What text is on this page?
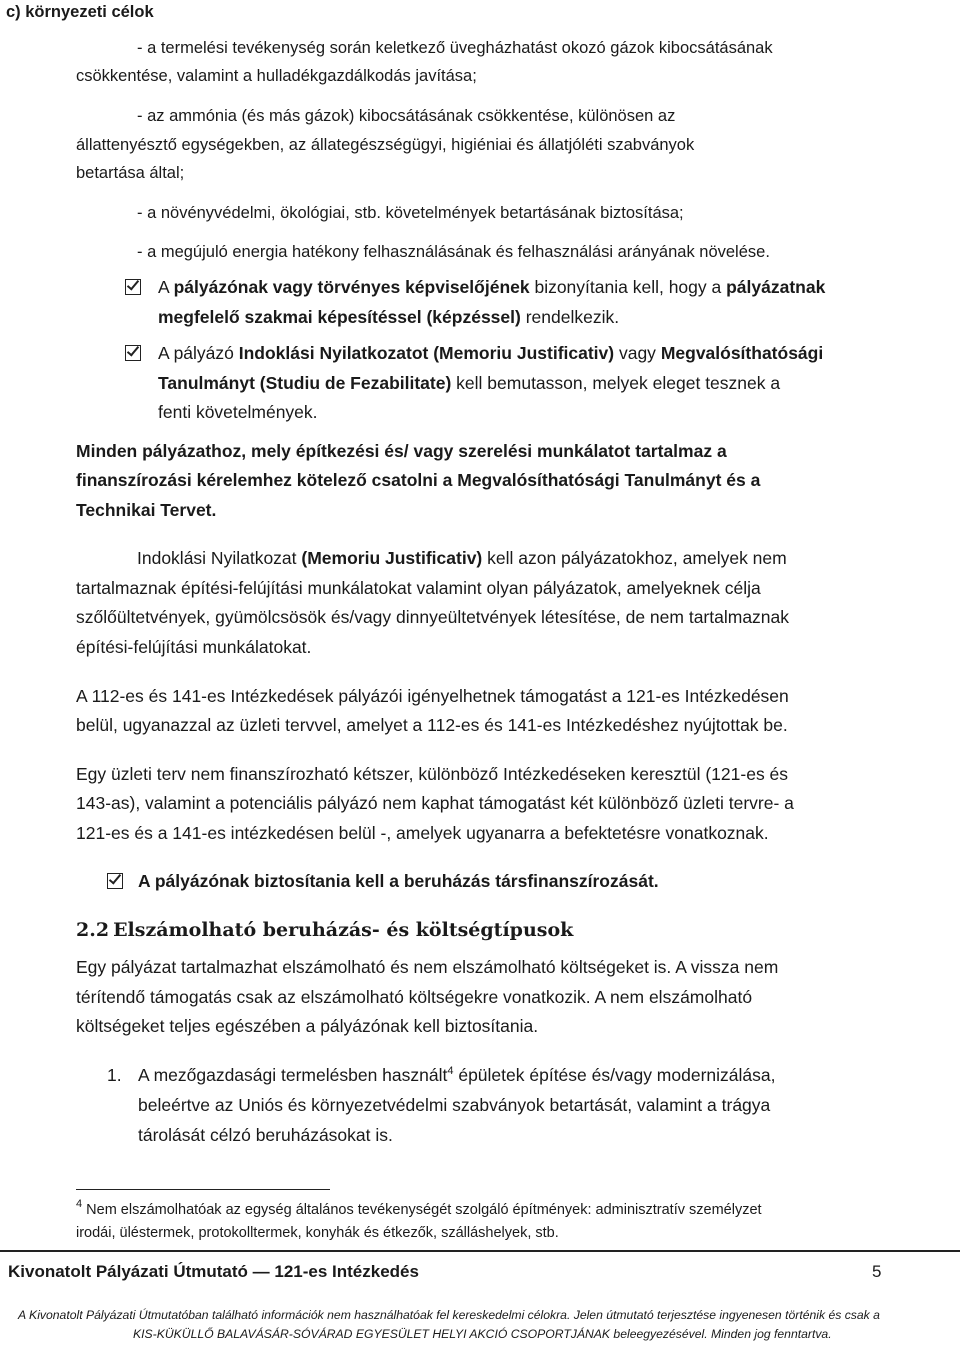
c) környezeti célok
- a termelési tevékenység során keletkező üvegházhatást okozó gázok kibocsátásának
csökkentése, valamint a hulladékgazdálkodás javítása;
- az ammónia (és más gázok) kibocsátásának csökkentése, különösen az
állattenyésztő egységekben, az állategészségügyi, higiéniai és állatjóléti szabványok
betartása által;
- a növényvédelmi, ökológiai, stb. követelmények betartásának biztosítása;
- a megújuló energia hatékony felhasználásának és felhasználási arányának növelése.
A pályázónak vagy törvényes képviselőjének bizonyítania kell, hogy a pályázatnak
megfelelő szakmai képesítéssel (képzéssel) rendelkezik.
A pályázó Indoklási Nyilatkozatot (Memoriu Justificativ) vagy Megvalósíthatósági
Tanulmányt (Studiu de Fezabilitate) kell bemutasson, melyek eleget tesznek a
fenti követelmények.
Minden pályázathoz, mely építkezési és/ vagy szerelési munkálatot tartalmaz a
finanszírozási kérelemhez kötelező csatolni a Megvalósíthatósági Tanulmányt és a
Technikai Tervet.
Indoklási Nyilatkozat (Memoriu Justificativ) kell azon pályázatokhoz, amelyek nem
tartalmaznak építési-felújítási munkálatokat valamint olyan pályázatok, amelyeknek célja
szőlőültetvények, gyümölcsösök és/vagy dinnyeültetvények létesítése, de nem tartalmaznak
építési-felújítási munkálatokat.
A 112-es és 141-es Intézkedések pályázói igényelhetnek támogatást a 121-es Intézkedésen
belül, ugyanazzal az üzleti tervvel, amelyet a 112-es és 141-es Intézkedéshez nyújtottak be.
Egy üzleti terv nem finanszírozható kétszer, különböző Intézkedéseken keresztül (121-es és
143-as), valamint a potenciális pályázó nem kaphat támogatást két különböző üzleti tervre- a
121-es és a 141-es intézkedésen belül -, amelyek ugyanarra a befektetésre vonatkoznak.
A pályázónak biztosítania kell a beruházás társfinanszírozását.
2.2 Elszámolható beruházás- és költségtípusok
Egy pályázat tartalmazhat elszámolható és nem elszámolható költségeket is. A vissza nem
térítendő támogatás csak az elszámolható költségekre vonatkozik. A nem elszámolható
költségeket teljes egészében a pályázónak kell biztosítania.
1. A mezőgazdasági termelésben használt$^4$ épületek építése és/vagy modernizálása,
beleértve az Uniós és környezetvédelmi szabványok betartását, valamint a trágya
tárolását célzó beruházásokat is.
$^4$ Nem elszámolhatóak az egység általános tevékenységét szolgáló építmények: adminisztratív személyzet
irodái, üléstermek, protokolltermek, konyhák és étkezők, szálláshelyek, stb.
Kivonatolt Pályázati Útmutató — 121-es Intézkedés	5
A Kivonatolt Pályázati Útmutatóban található információk nem használhatóak fel kereskedelmi célokra. Jelen útmutató terjesztése ingyenesen történik és csak a
KIS-KÜKÜLLŐ BALAVÁSÁR-SÓVÁRAD EGYESÜLET HELYI AKCIÓ CSOPORTJÁNAK beleegyezésével. Minden jog fenntartva.
